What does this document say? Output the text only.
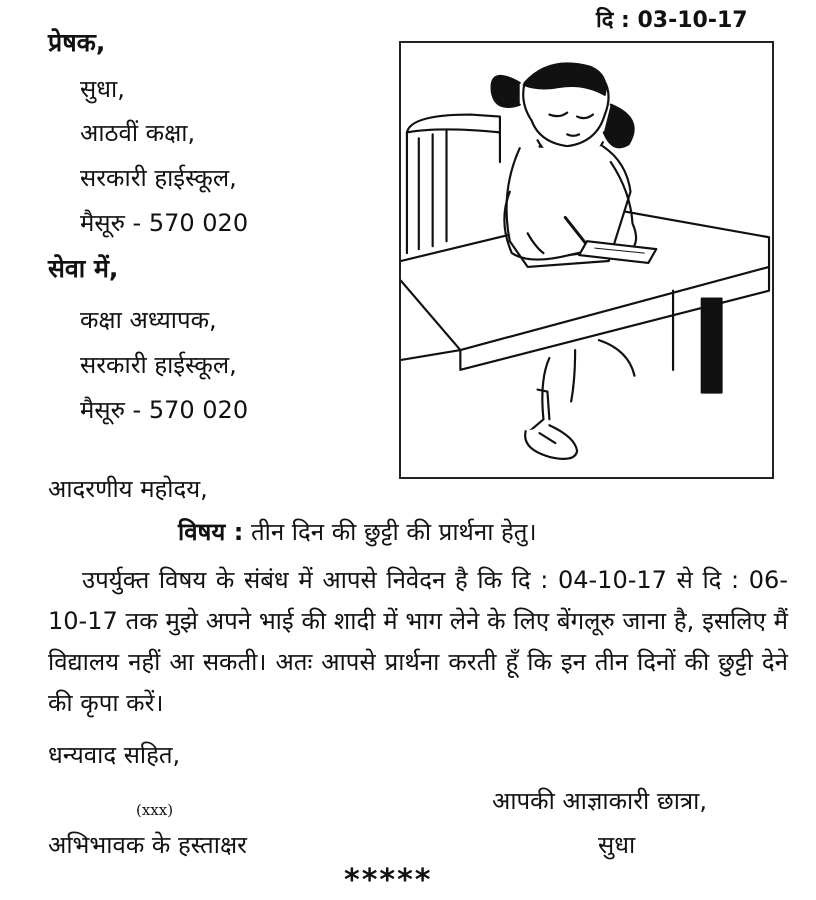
दि : 03-10-17
प्रेषक,
सुधा,
आठवीं कक्षा,
सरकारी हाईस्कूल,
मैसूरु - 570 020
सेवा में,
कक्षा अध्यापक,
सरकारी हाईस्कूल,
मैसूरु - 570 020
आदरणीय महोदय,
विषय : तीन दिन की छुट्टी की प्रार्थना हेतु।
उपर्युक्त विषय के संबंध में आपसे निवेदन है कि दि : 04-10-17 से दि : 06-10-17 तक मुझे अपने भाई की शादी में भाग लेने के लिए बेंगलूरु जाना है, इसलिए मैं विद्यालय नहीं आ सकती। अतः आपसे प्रार्थना करती हूँ कि इन तीन दिनों की छुट्टी देने की कृपा करें।
धन्यवाद सहित,
(xxx)
अभिभावक के हस्ताक्षर
आपकी आज्ञाकारी छात्रा,
सुधा
*****
